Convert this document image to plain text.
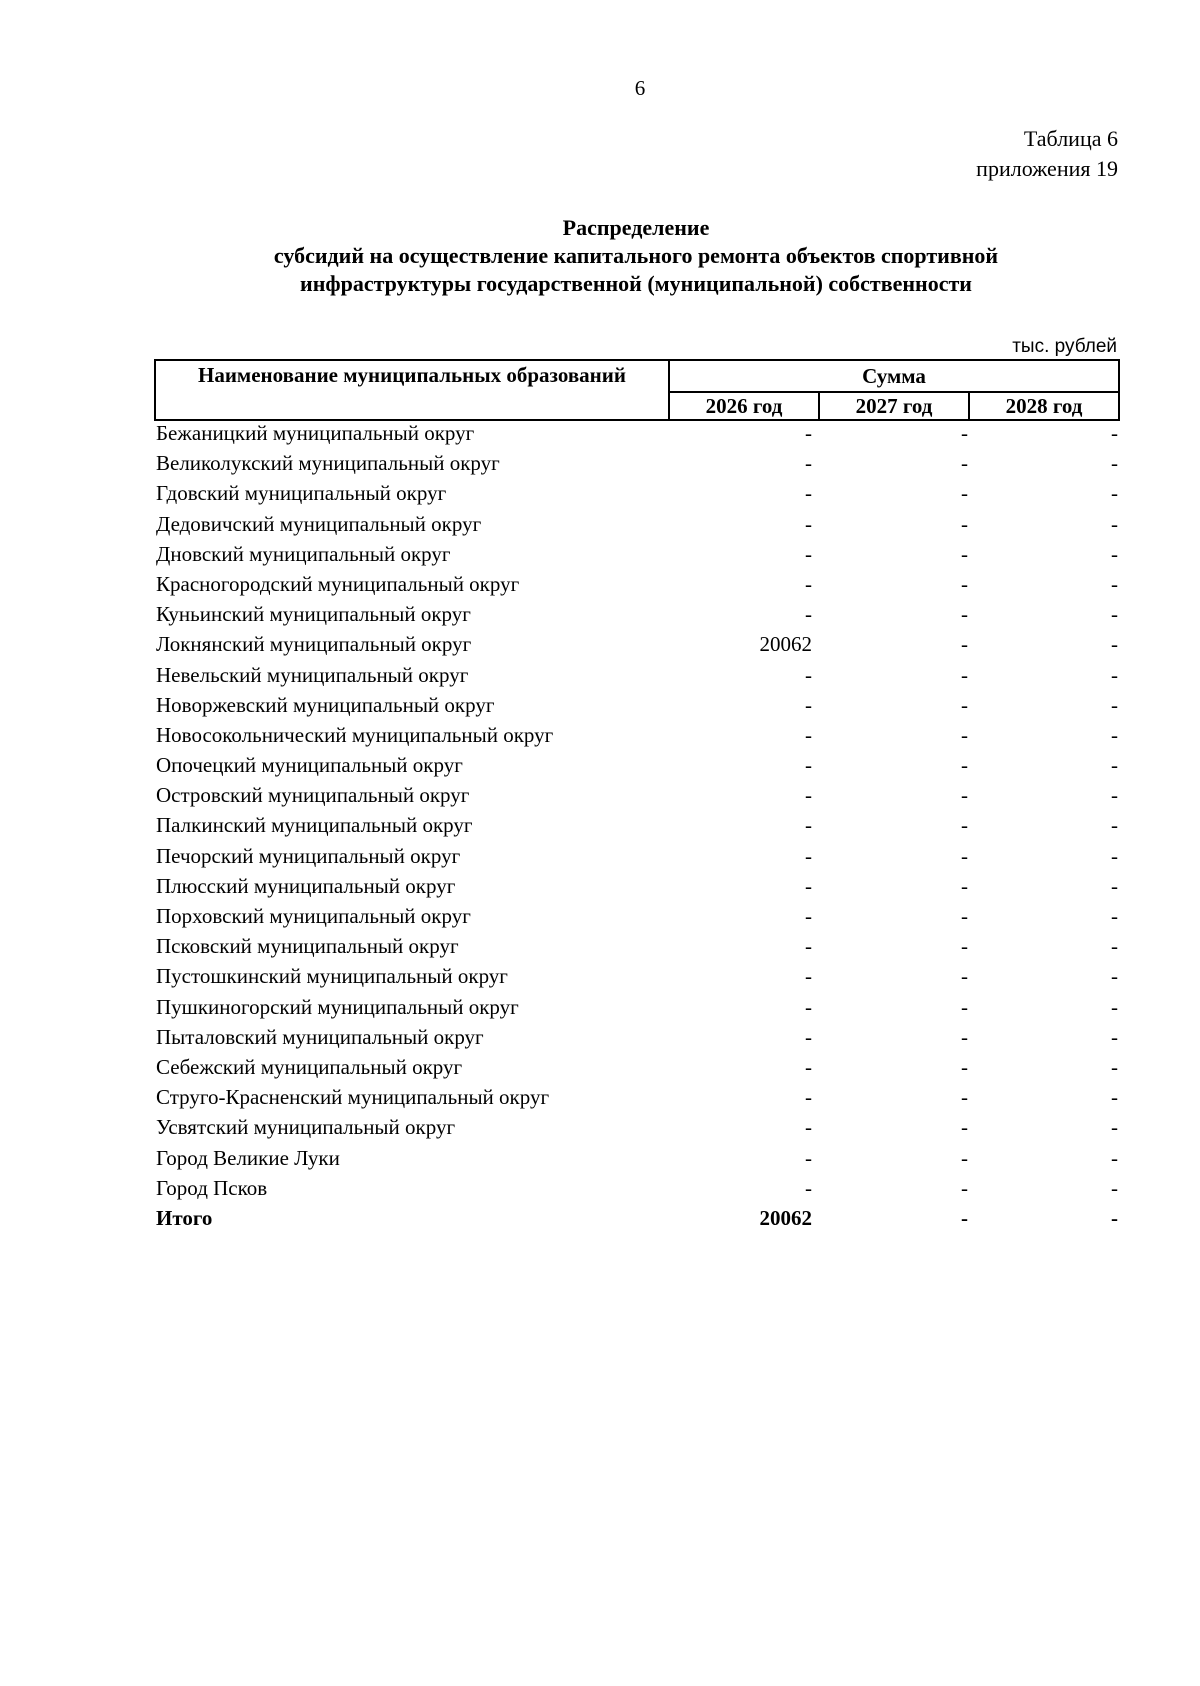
6
Таблица 6
приложения 19
Распределение
субсидий на осуществление капитального ремонта объектов спортивной
инфраструктуры государственной (муниципальной) собственности
тыс. рублей
Наименование муниципальных образований	Сумма		
	2026 год	2027 год	2028 год
Бежаницкий муниципальный округ	-	-	-
Великолукский муниципальный округ	-	-	-
Гдовский муниципальный округ	-	-	-
Дедовичский муниципальный округ	-	-	-
Дновский муниципальный округ	-	-	-
Красногородский муниципальный округ	-	-	-
Куньинский муниципальный округ	-	-	-
Локнянский муниципальный округ	20062	-	-
Невельский муниципальный округ	-	-	-
Новоржевский муниципальный округ	-	-	-
Новосокольнический муниципальный округ	-	-	-
Опочецкий муниципальный округ	-	-	-
Островский муниципальный округ	-	-	-
Палкинский муниципальный округ	-	-	-
Печорский муниципальный округ	-	-	-
Плюсский муниципальный округ	-	-	-
Порховский муниципальный округ	-	-	-
Псковский муниципальный округ	-	-	-
Пустошкинский муниципальный округ	-	-	-
Пушкиногорский муниципальный округ	-	-	-
Пыталовский муниципальный округ	-	-	-
Себежский муниципальный округ	-	-	-
Струго-Красненский муниципальный округ	-	-	-
Усвятский муниципальный округ	-	-	-
Город Великие Луки	-	-	-
Город Псков	-	-	-
Итого	20062	-	-
